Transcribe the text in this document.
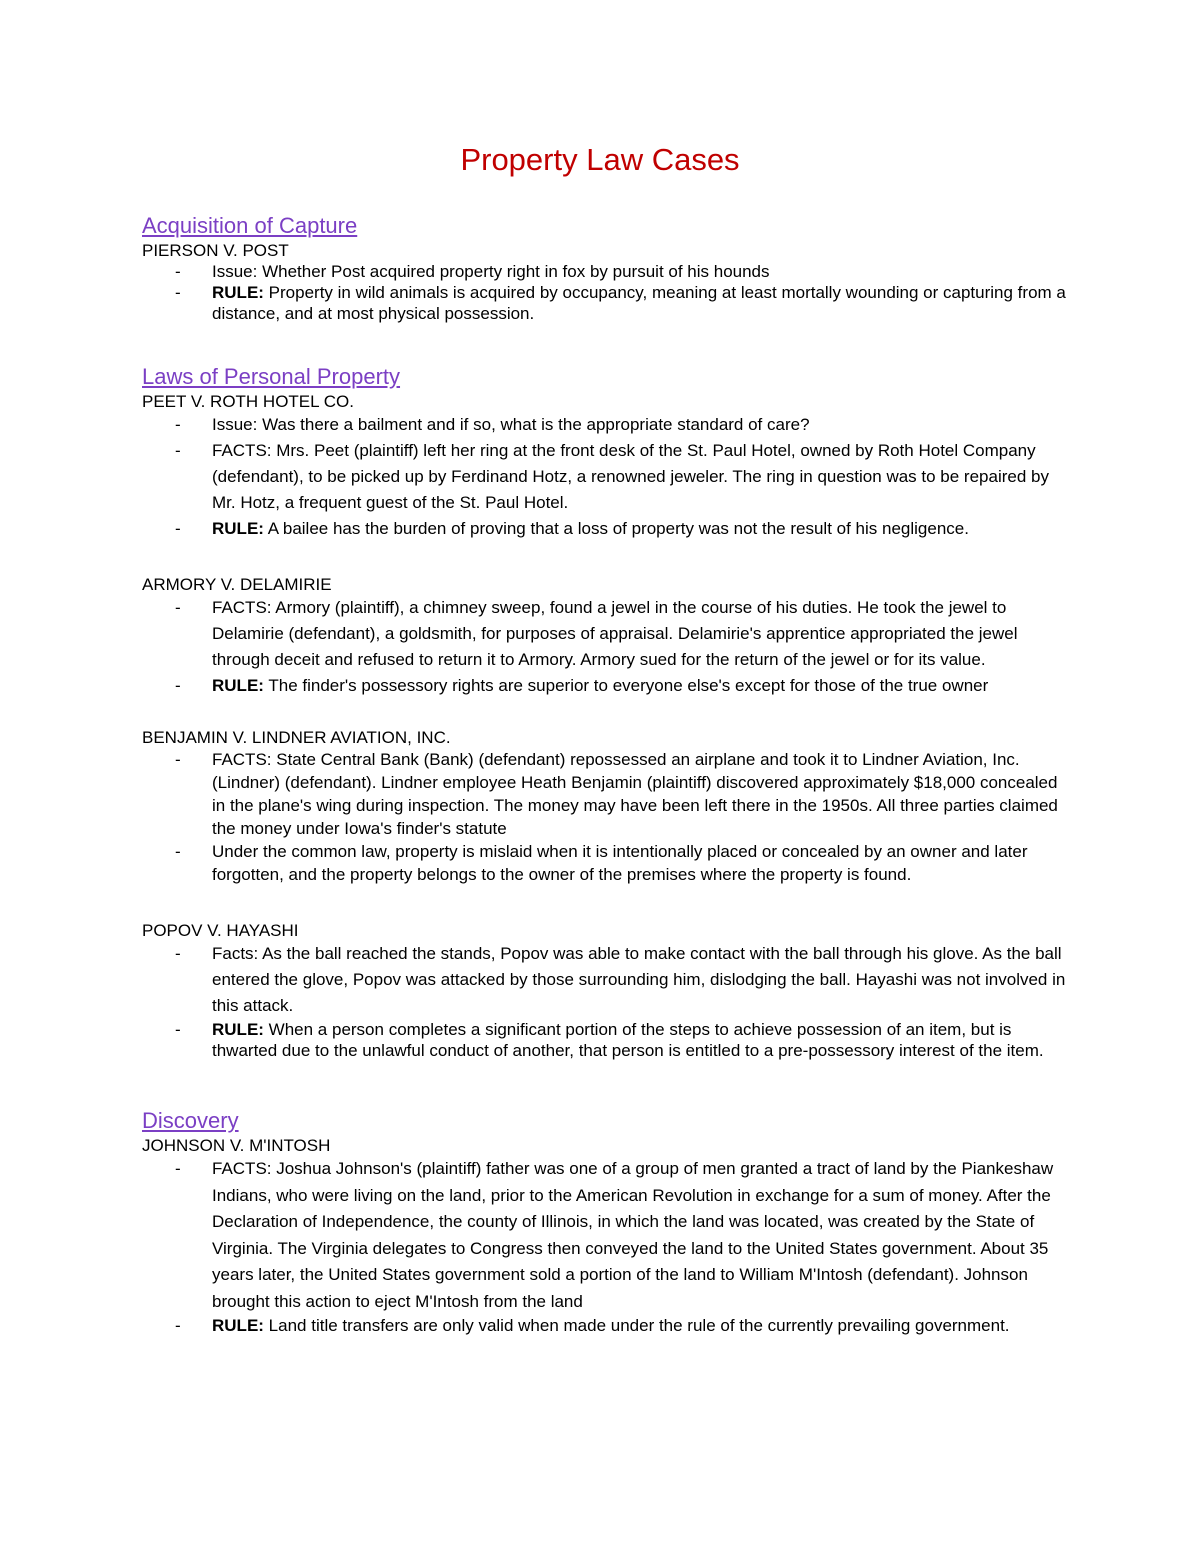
Property Law Cases
Acquisition of Capture
PIERSON V. POST
- Issue: Whether Post acquired property right in fox by pursuit of his hounds
- RULE: Property in wild animals is acquired by occupancy, meaning at least mortally wounding or capturing from a distance, and at most physical possession.
Laws of Personal Property
PEET V. ROTH HOTEL CO.
- Issue: Was there a bailment and if so, what is the appropriate standard of care?
- FACTS: Mrs. Peet (plaintiff) left her ring at the front desk of the St. Paul Hotel, owned by Roth Hotel Company (defendant), to be picked up by Ferdinand Hotz, a renowned jeweler. The ring in question was to be repaired by Mr. Hotz, a frequent guest of the St. Paul Hotel.
- RULE: A bailee has the burden of proving that a loss of property was not the result of his negligence.
ARMORY V. DELAMIRIE
- FACTS: Armory (plaintiff), a chimney sweep, found a jewel in the course of his duties. He took the jewel to Delamirie (defendant), a goldsmith, for purposes of appraisal. Delamirie's apprentice appropriated the jewel through deceit and refused to return it to Armory. Armory sued for the return of the jewel or for its value.
- RULE: The finder's possessory rights are superior to everyone else's except for those of the true owner
BENJAMIN V. LINDNER AVIATION, INC.
- FACTS: State Central Bank (Bank) (defendant) repossessed an airplane and took it to Lindner Aviation, Inc. (Lindner) (defendant). Lindner employee Heath Benjamin (plaintiff) discovered approximately $18,000 concealed in the plane's wing during inspection. The money may have been left there in the 1950s. All three parties claimed the money under Iowa's finder's statute
- Under the common law, property is mislaid when it is intentionally placed or concealed by an owner and later forgotten, and the property belongs to the owner of the premises where the property is found.
POPOV V. HAYASHI
- Facts: As the ball reached the stands, Popov was able to make contact with the ball through his glove. As the ball entered the glove, Popov was attacked by those surrounding him, dislodging the ball. Hayashi was not involved in this attack.
- RULE: When a person completes a significant portion of the steps to achieve possession of an item, but is thwarted due to the unlawful conduct of another, that person is entitled to a pre-possessory interest of the item.
Discovery
JOHNSON V. M'INTOSH
- FACTS: Joshua Johnson's (plaintiff) father was one of a group of men granted a tract of land by the Piankeshaw Indians, who were living on the land, prior to the American Revolution in exchange for a sum of money. After the Declaration of Independence, the county of Illinois, in which the land was located, was created by the State of Virginia. The Virginia delegates to Congress then conveyed the land to the United States government. About 35 years later, the United States government sold a portion of the land to William M'Intosh (defendant). Johnson brought this action to eject M'Intosh from the land
- RULE: Land title transfers are only valid when made under the rule of the currently prevailing government.
